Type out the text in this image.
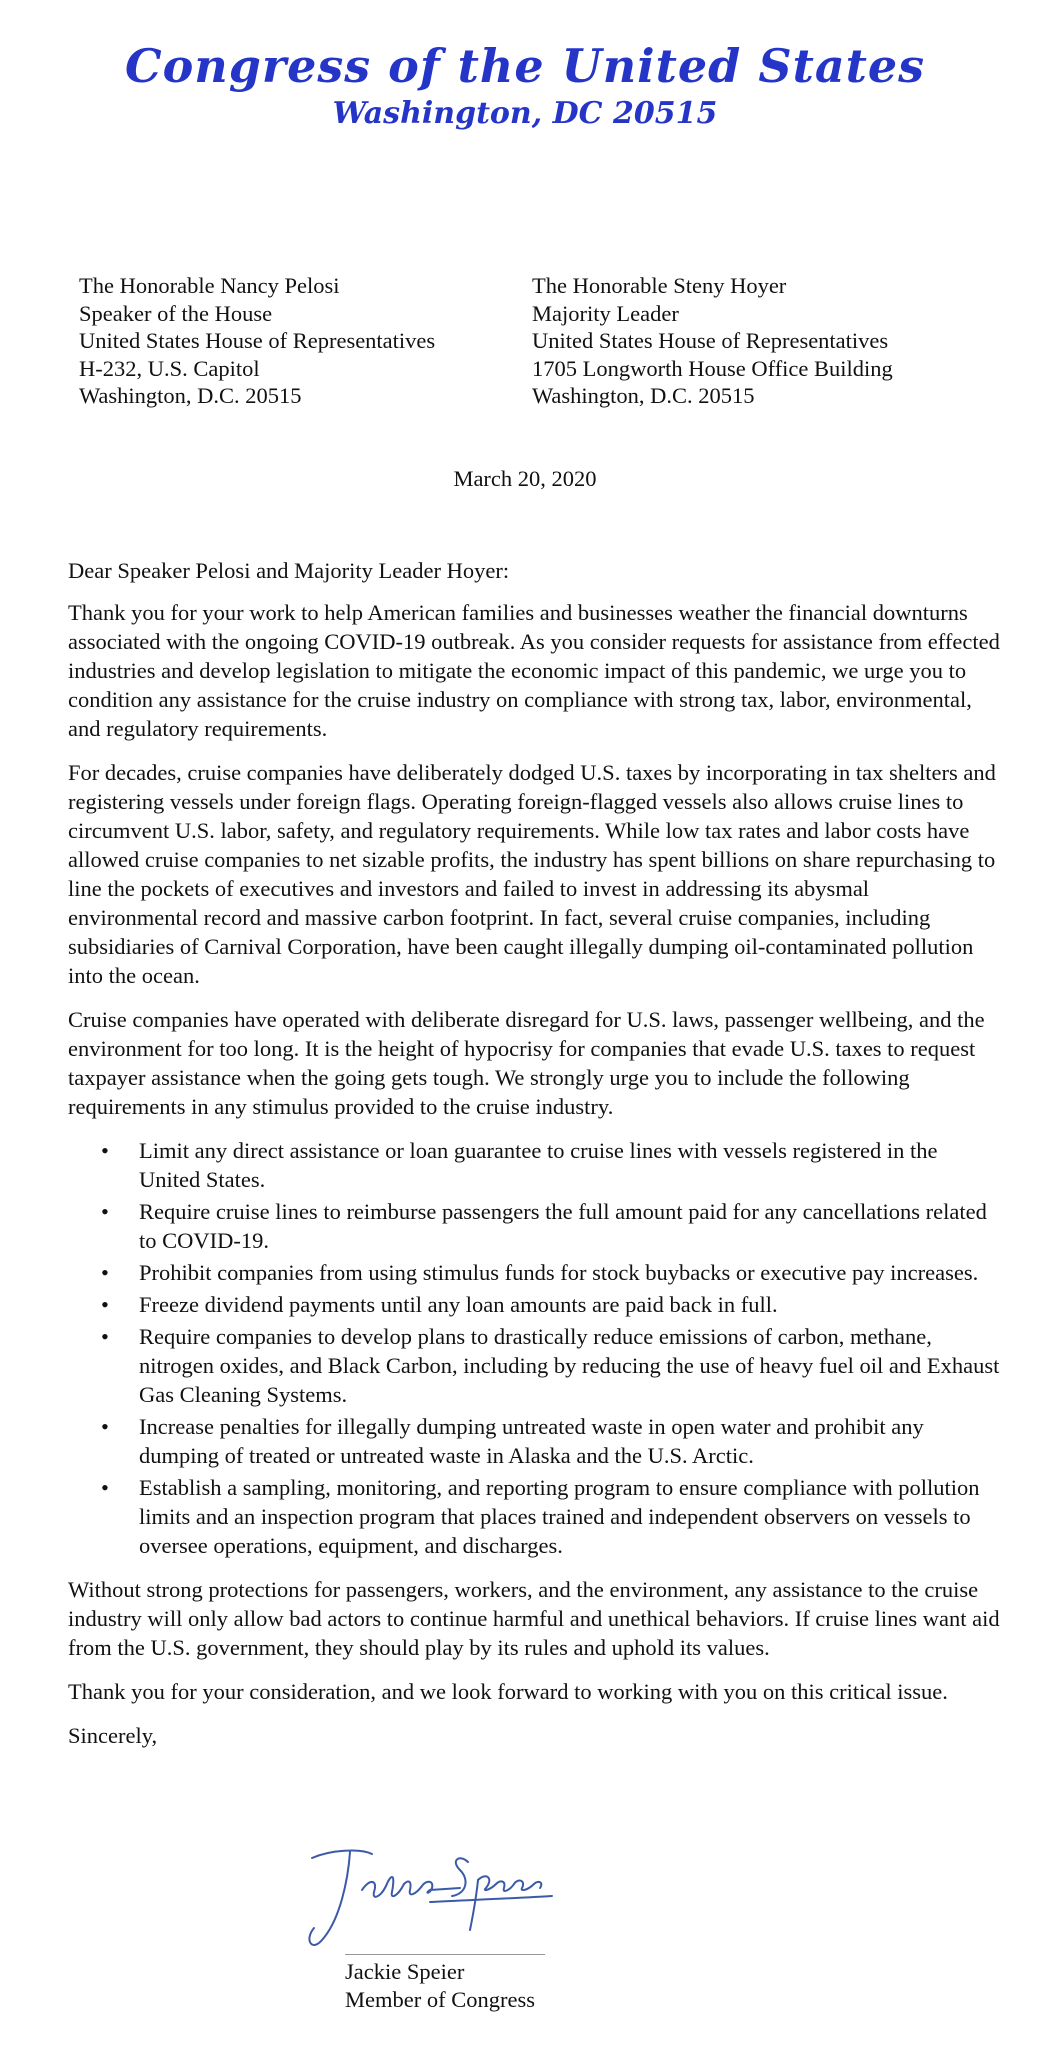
Congress of the United States
Washington, DC 20515
The Honorable Nancy Pelosi
Speaker of the House
United States House of Representatives
H-232, U.S. Capitol
Washington, D.C. 20515
The Honorable Steny Hoyer
Majority Leader
United States House of Representatives
1705 Longworth House Office Building
Washington, D.C. 20515
March 20, 2020

Dear Speaker Pelosi and Majority Leader Hoyer:

Thank you for your work to help American families and businesses weather the financial downturns associated with the ongoing COVID-19 outbreak. As you consider requests for assistance from effected industries and develop legislation to mitigate the economic impact of this pandemic, we urge you to condition any assistance for the cruise industry on compliance with strong tax, labor, environmental, and regulatory requirements.

For decades, cruise companies have deliberately dodged U.S. taxes by incorporating in tax shelters and registering vessels under foreign flags. Operating foreign-flagged vessels also allows cruise lines to circumvent U.S. labor, safety, and regulatory requirements. While low tax rates and labor costs have allowed cruise companies to net sizable profits, the industry has spent billions on share repurchasing to line the pockets of executives and investors and failed to invest in addressing its abysmal environmental record and massive carbon footprint. In fact, several cruise companies, including subsidiaries of Carnival Corporation, have been caught illegally dumping oil-contaminated pollution into the ocean.

Cruise companies have operated with deliberate disregard for U.S. laws, passenger wellbeing, and the environment for too long. It is the height of hypocrisy for companies that evade U.S. taxes to request taxpayer assistance when the going gets tough. We strongly urge you to include the following requirements in any stimulus provided to the cruise industry.

• Limit any direct assistance or loan guarantee to cruise lines with vessels registered in the United States.
• Require cruise lines to reimburse passengers the full amount paid for any cancellations related to COVID-19.
• Prohibit companies from using stimulus funds for stock buybacks or executive pay increases.
• Freeze dividend payments until any loan amounts are paid back in full.
• Require companies to develop plans to drastically reduce emissions of carbon, methane, nitrogen oxides, and Black Carbon, including by reducing the use of heavy fuel oil and Exhaust Gas Cleaning Systems.
• Increase penalties for illegally dumping untreated waste in open water and prohibit any dumping of treated or untreated waste in Alaska and the U.S. Arctic.
• Establish a sampling, monitoring, and reporting program to ensure compliance with pollution limits and an inspection program that places trained and independent observers on vessels to oversee operations, equipment, and discharges.

Without strong protections for passengers, workers, and the environment, any assistance to the cruise industry will only allow bad actors to continue harmful and unethical behaviors. If cruise lines want aid from the U.S. government, they should play by its rules and uphold its values.

Thank you for your consideration, and we look forward to working with you on this critical issue.

Sincerely,

Jackie Speier
Member of Congress
